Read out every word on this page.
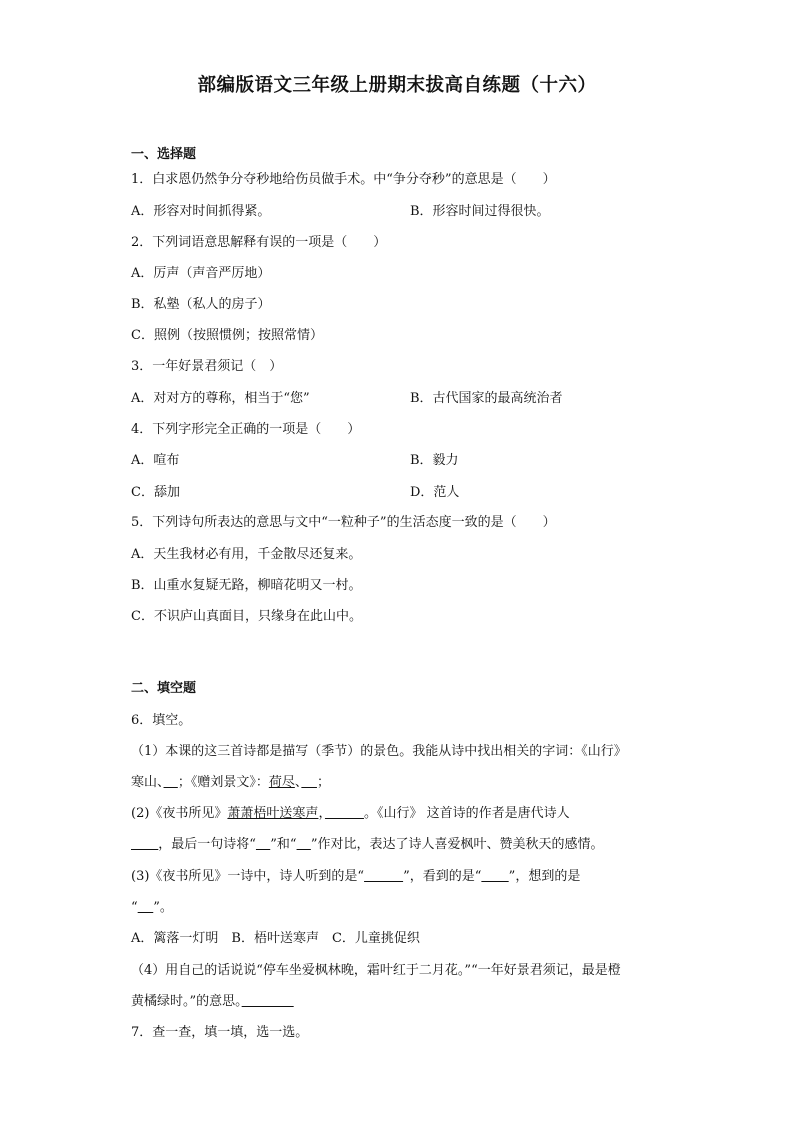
部编版语文三年级上册期末拔高自练题（十六）
一、选择题
1．白求恩仍然争分夺秒地给伤员做手术。中“争分夺秒”的意思是（　　）
A．形容对时间抓得紧。	B．形容时间过得很快。
2．下列词语意思解释有误的一项是（　　）
A．厉声（声音严厉地）
B．私塾（私人的房子）
C．照例（按照惯例；按照常情）
3．一年好景君须记（　）
A．对对方的尊称，相当于“您”	B．古代国家的最高统治者
4．下列字形完全正确的一项是（　　）
A．喧布	B．毅力
C．舔加	D．范人
5．下列诗句所表达的意思与文中“一粒种子”的生活态度一致的是（　　）
A．天生我材必有用，千金散尽还复来。
B．山重水复疑无路，柳暗花明又一村。
C．不识庐山真面目，只缘身在此山中。
二、填空题
6．填空。
（1）本课的这三首诗都是描写（季节）的景色。我能从诗中找出相关的字词：《山行》
寒山、　  ；《赠刘景文》：荷尽、　   ；
(2)《夜书所见》萧萧梧叶送寒声，　　　	。《山行》 这首诗的作者是唐代诗人
　　 ，最后一句诗将“　  ”和“　  ”作对比，表达了诗人喜爱枫叶、赞美秋天的感情。
(3)《夜书所见》一诗中，诗人听到的是“　　　	”，看到的是“　　  ”，想到的是
“　   ”。
A．篱落一灯明　B．梧叶送寒声　C．儿童挑促织
（4）用自己的话说说“停车坐爱枫林晚，霜叶红于二月花。”“一年好景君须记，最是橙
黄橘绿时。”的意思。　　　　
7．查一查，填一填，选一选。
